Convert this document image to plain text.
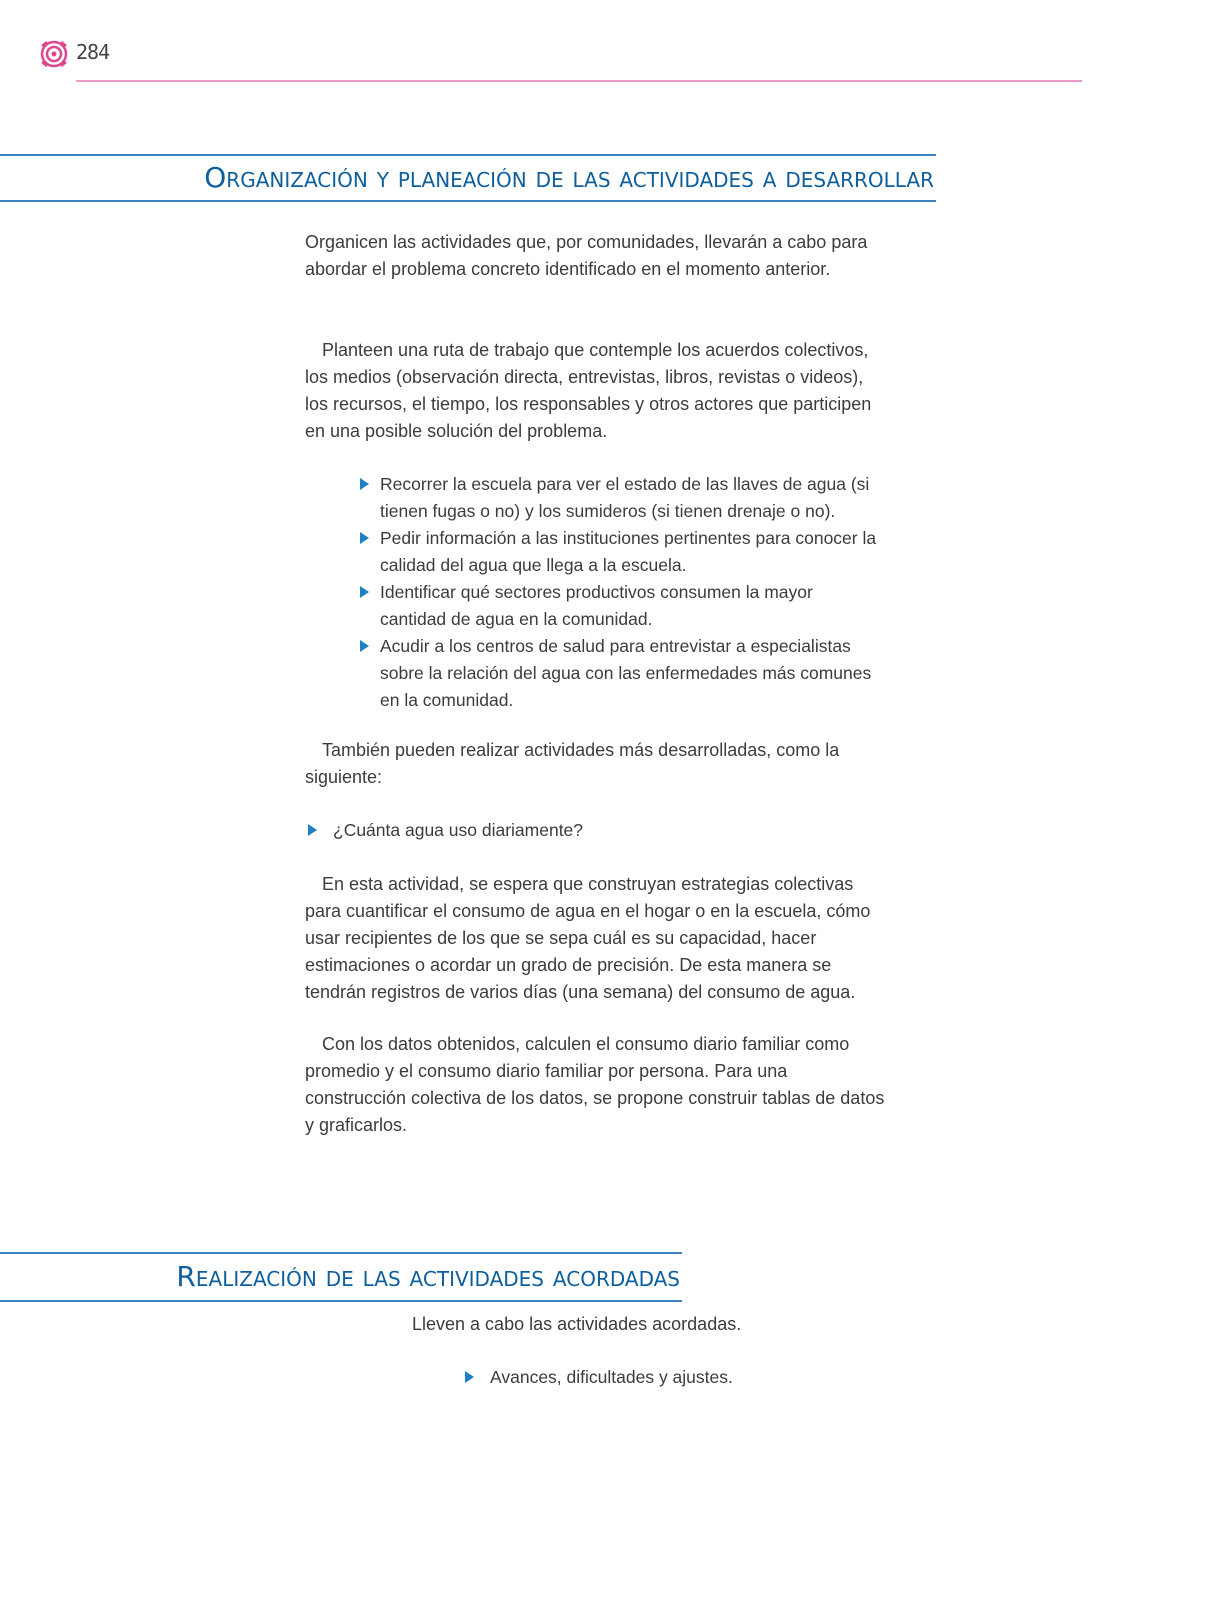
284
Organización y planeación de las actividades a desarrollar

Organicen las actividades que, por comunidades, llevarán a cabo para abordar el problema concreto identificado en el momento anterior.

Planteen una ruta de trabajo que contemple los acuerdos colectivos, los medios (observación directa, entrevistas, libros, revistas o videos), los recursos, el tiempo, los responsables y otros actores que participen en una posible solución del problema.

Recorrer la escuela para ver el estado de las llaves de agua (si tienen fugas o no) y los sumideros (si tienen drenaje o no).
Pedir información a las instituciones pertinentes para conocer la calidad del agua que llega a la escuela.
Identificar qué sectores productivos consumen la mayor cantidad de agua en la comunidad.
Acudir a los centros de salud para entrevistar a especialistas sobre la relación del agua con las enfermedades más comunes en la comunidad.

También pueden realizar actividades más desarrolladas, como la siguiente:

¿Cuánta agua uso diariamente?

En esta actividad, se espera que construyan estrategias colectivas para cuantificar el consumo de agua en el hogar o en la escuela, cómo usar recipientes de los que se sepa cuál es su capacidad, hacer estimaciones o acordar un grado de precisión. De esta manera se tendrán registros de varios días (una semana) del consumo de agua.

Con los datos obtenidos, calculen el consumo diario familiar como promedio y el consumo diario familiar por persona. Para una construcción colectiva de los datos, se propone construir tablas de datos y graficarlos.

Realización de las actividades acordadas
Lleven a cabo las actividades acordadas.
Avances, dificultades y ajustes.
